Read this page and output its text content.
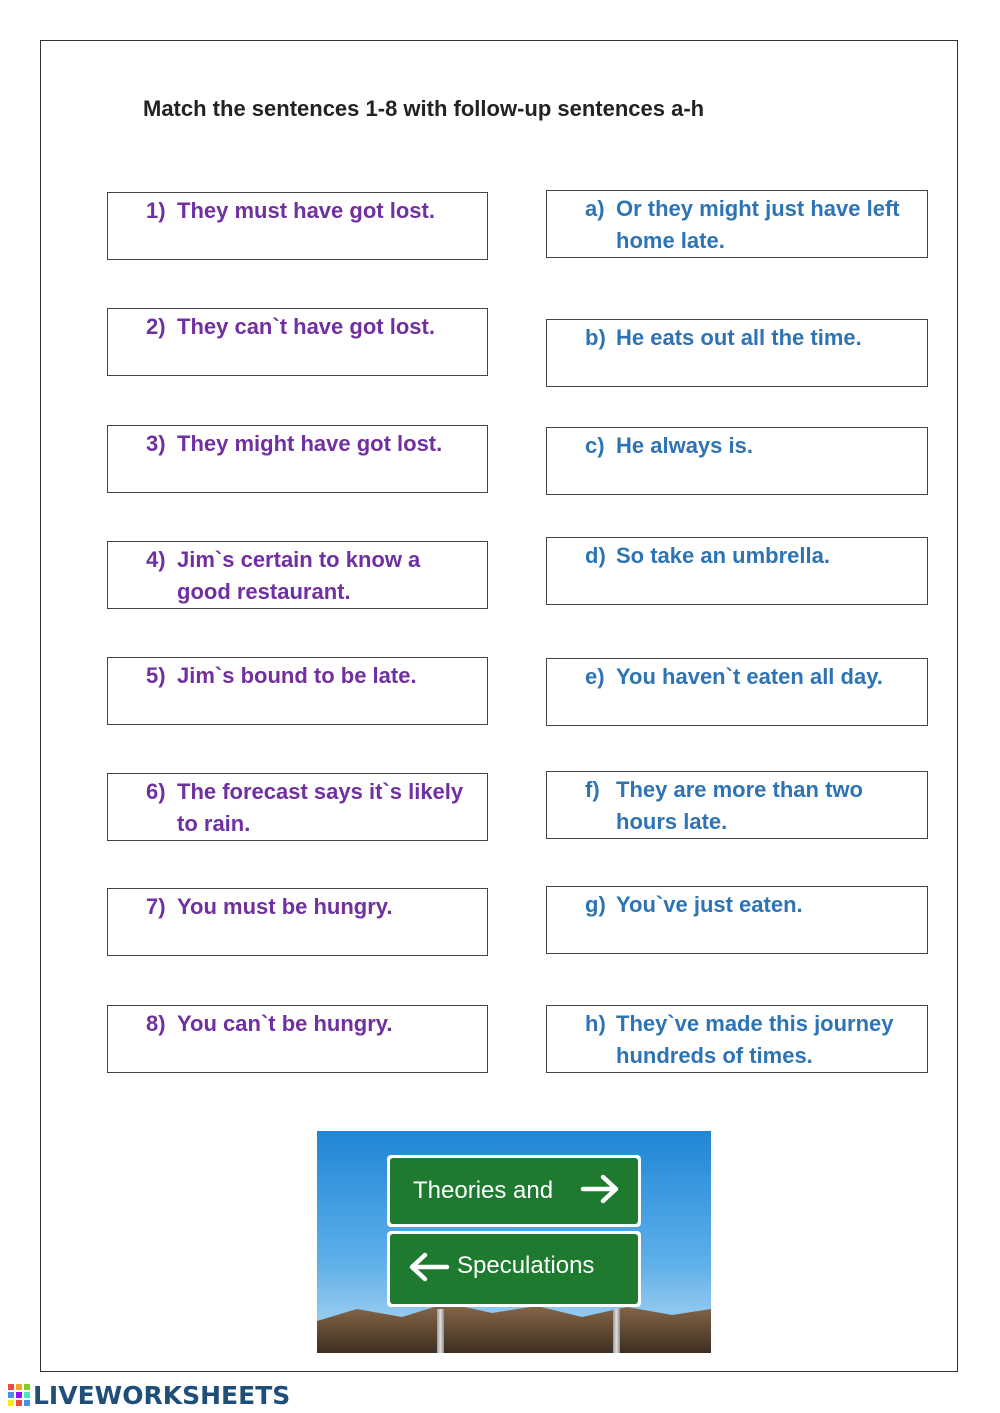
Match the sentences 1-8 with follow-up sentences a-h
1) They must have got lost.
2) They can`t have got lost.
3) They might have got lost.
4) Jim`s certain to know a good restaurant.
5) Jim`s bound to be late.
6) The forecast says it`s likely to rain.
7) You must be hungry.
8) You can`t be hungry.
a) Or they might just have left home late.
b) He eats out all the time.
c) He always is.
d) So take an umbrella.
e) You haven`t eaten all day.
f) They are more than two hours late.
g) You`ve just eaten.
h) They`ve made this journey hundreds of times.
Theories and
Speculations
LIVEWORKSHEETS
